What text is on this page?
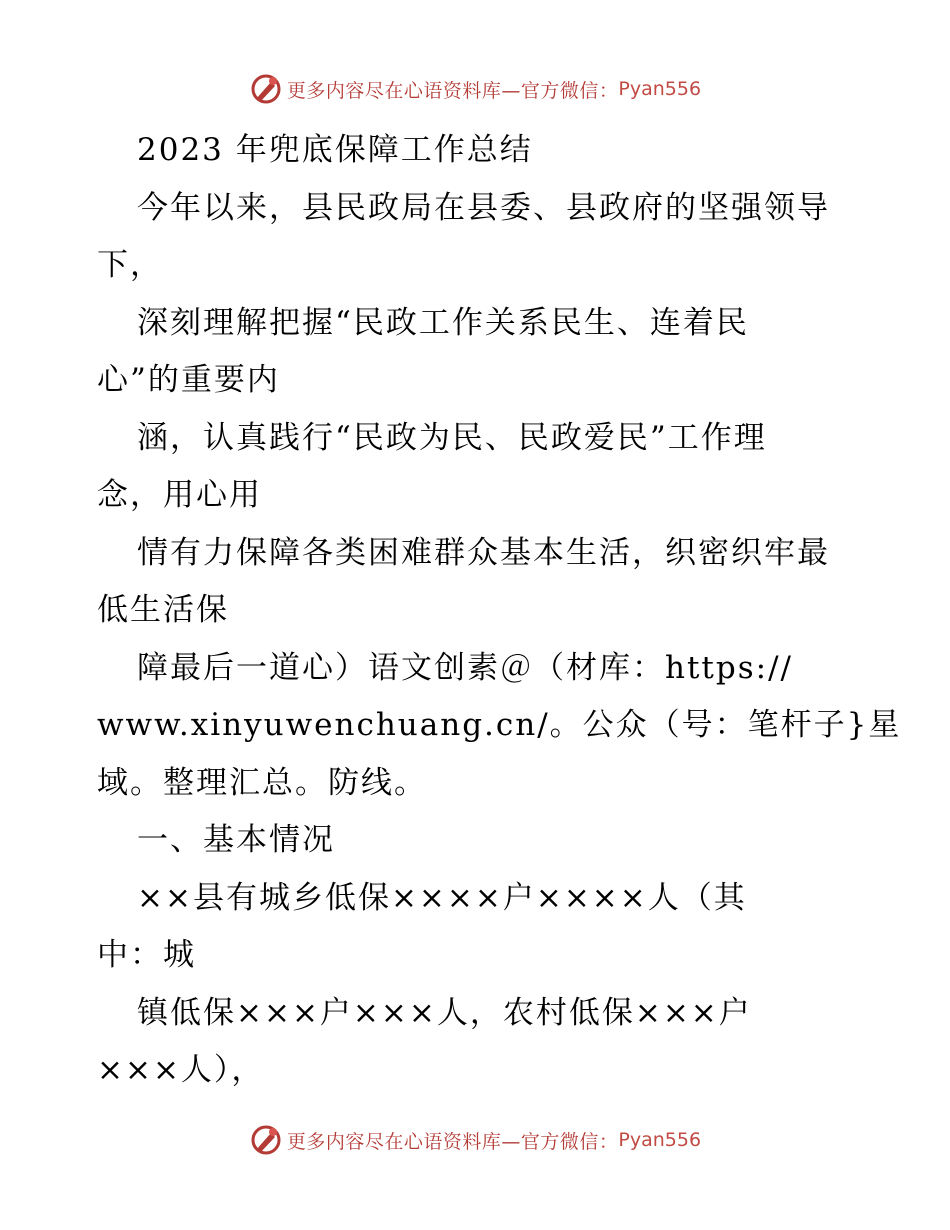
更多内容尽在心语资料库—官方微信： Pyan556
2023 年兜底保障工作总结
今年以来，县民政局在县委、县政府的坚强领导
下，
深刻理解把握“民政工作关系民生、连着民
心”的重要内
涵，认真践行“民政为民、民政爱民”工作理
念，用心用
情有力保障各类困难群众基本生活，织密织牢最
低生活保
障最后一道心）语文创素＠（材库：https://
www.xinyuwenchuang.cn/。公众（号：笔杆子}星
域。整理汇总。防线。
一、基本情况
××县有城乡低保××××户××××人（其
中：城
镇低保×××户×××人，农村低保×××户
×××人），
更多内容尽在心语资料库—官方微信： Pyan556
